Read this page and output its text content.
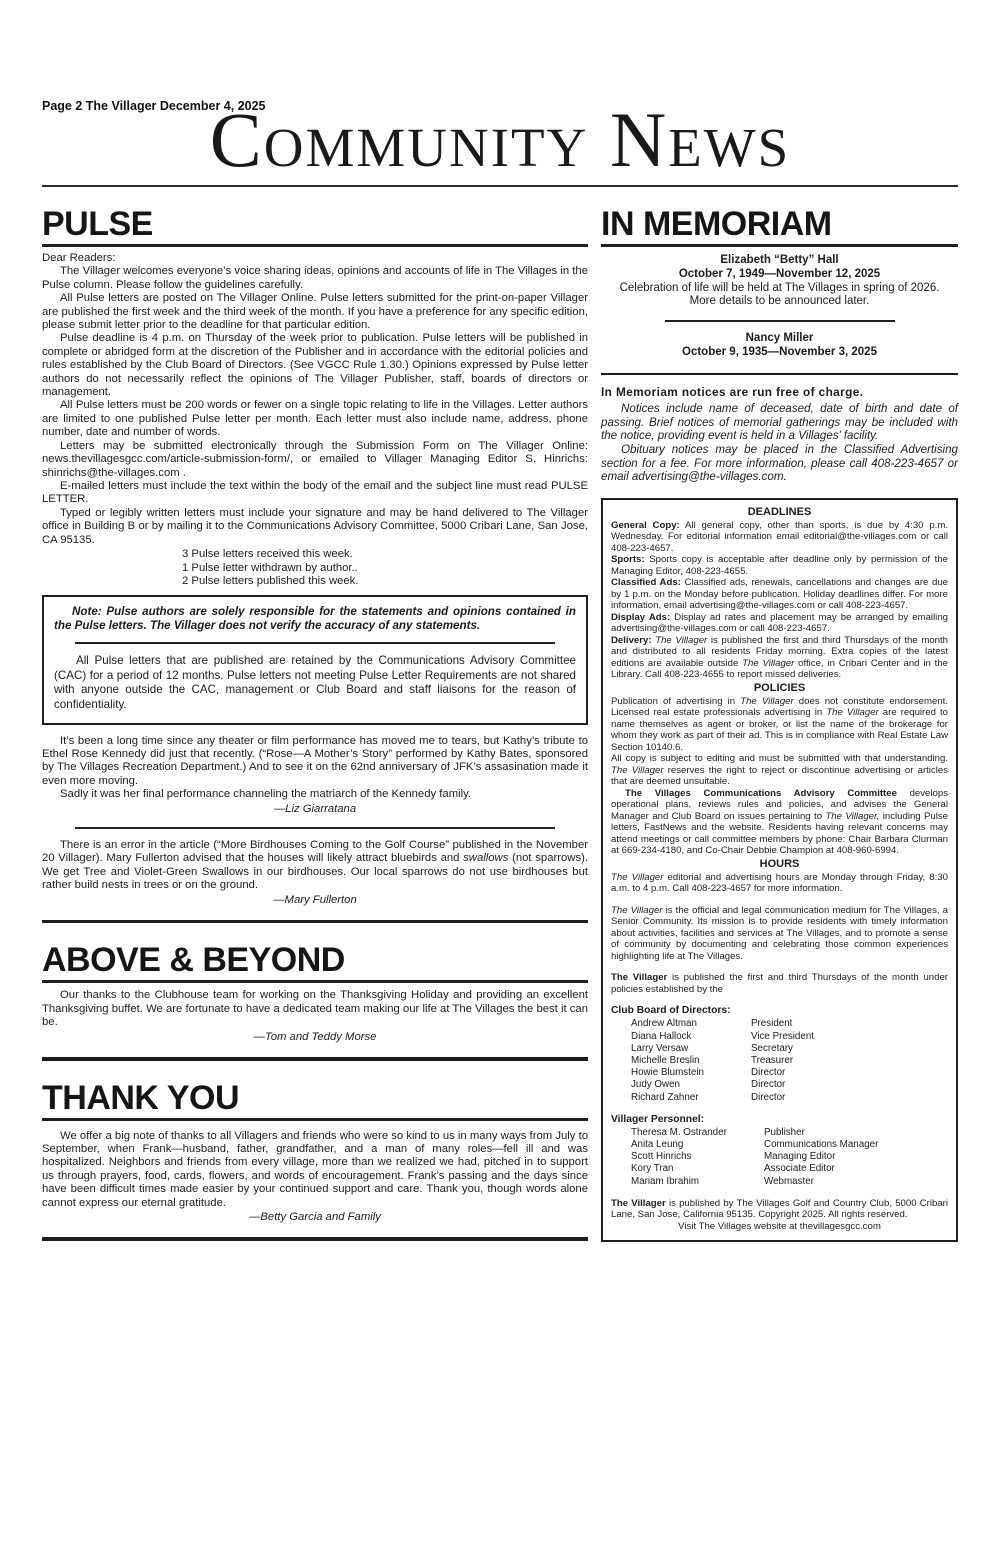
Page 2 The Villager December 4, 2025
Community News
PULSE

Dear Readers:

The Villager welcomes everyone’s voice sharing ideas, opinions and accounts of life in The Villages in the Pulse column. Please follow the guidelines carefully.

All Pulse letters are posted on The Villager Online. Pulse letters submitted for the print-on-paper Villager are published the first week and the third week of the month. If you have a preference for any specific edition, please submit letter prior to the deadline for that particular edition.

Pulse deadline is 4 p.m. on Thursday of the week prior to publication. Pulse letters will be published in complete or abridged form at the discretion of the Publisher and in accordance with the editorial policies and rules established by the Club Board of Directors. (See VGCC Rule 1.30.) Opinions expressed by Pulse letter authors do not necessarily reflect the opinions of The Villager Publisher, staff, boards of directors or management.

All Pulse letters must be 200 words or fewer on a single topic relating to life in the Villages. Letter authors are limited to one published Pulse letter per month. Each letter must also include name, address, phone number, date and number of words.

Letters may be submitted electronically through the Submission Form on The Villager Online: news.thevillagesgcc.com/article-submission-form/, or emailed to Villager Managing Editor S. Hinrichs: shinrichs@the-villages.com .

E-mailed letters must include the text within the body of the email and the subject line must read PULSE LETTER.

Typed or legibly written letters must include your signature and may be hand delivered to The Villager office in Building B or by mailing it to the Communications Advisory Committee, 5000 Cribari Lane, San Jose, CA 95135.

3 Pulse letters received this week.
1 Pulse letter withdrawn by author..
2 Pulse letters published this week.

Note: Pulse authors are solely responsible for the statements and opinions contained in the Pulse letters. The Villager does not verify the accuracy of any statements.

All Pulse letters that are published are retained by the Communications Advisory Committee (CAC) for a period of 12 months. Pulse letters not meeting Pulse Letter Requirements are not shared with anyone outside the CAC, management or Club Board and staff liaisons for the reason of confidentiality.

It’s been a long time since any theater or film performance has moved me to tears, but Kathy’s tribute to Ethel Rose Kennedy did just that recently. (“Rose—A Mother’s Story” performed by Kathy Bates, sponsored by The Villages Recreation Department.) And to see it on the 62nd anniversary of JFK’s assasination made it even more moving.

Sadly it was her final performance channeling the matriarch of the Kennedy family.

—Liz Giarratana

There is an error in the article (“More Birdhouses Coming to the Golf Course” published in the November 20 Villager). Mary Fullerton advised that the houses will likely attract bluebirds and swallows (not sparrows). We get Tree and Violet-Green Swallows in our birdhouses. Our local sparrows do not use birdhouses but rather build nests in trees or on the ground.

—Mary Fullerton

ABOVE & BEYOND

Our thanks to the Clubhouse team for working on the Thanksgiving Holiday and providing an excellent Thanksgiving buffet. We are fortunate to have a dedicated team making our life at The Villages the best it can be.

—Tom and Teddy Morse

THANK YOU

We offer a big note of thanks to all Villagers and friends who were so kind to us in many ways from July to September, when Frank—husband, father, grandfather, and a man of many roles—fell ill and was hospitalized. Neighbors and friends from every village, more than we realized we had, pitched in to support us through prayers, food, cards, flowers, and words of encouragement. Frank’s passing and the days since have been difficult times made easier by your continued support and care. Thank you, though words alone cannot express our eternal gratitude.

—Betty Garcia and Family

IN MEMORIAM

Elizabeth “Betty” Hall

October 7, 1949—November 12, 2025

Celebration of life will be held at The Villages in spring of 2026.

More details to be announced later.

Nancy Miller

October 9, 1935—November 3, 2025

In Memoriam notices are run free of charge.

Notices include name of deceased, date of birth and date of passing. Brief notices of memorial gatherings may be included with the notice, providing event is held in a Villages’ facility.

Obituary notices may be placed in the Classified Advertising section for a fee. For more information, please call 408-223-4657 or email advertising@the-villages.com.

DEADLINES

General Copy: All general copy, other than sports, is due by 4:30 p.m. Wednesday. For editorial information email editorial@the-villages.com or call 408-223-4657.

Sports: Sports copy is acceptable after deadline only by permission of the Managing Editor, 408-223-4655.

Classified Ads: Classified ads, renewals, cancellations and changes are due by 1 p.m. on the Monday before publication. Holiday deadlines differ. For more information, email advertising@the-villages.com or call 408-223-4657.

Display Ads: Display ad rates and placement may be arranged by emailing advertising@the-villages.com or call 408-223-4657.

Delivery: The Villager is published the first and third Thursdays of the month and distributed to all residents Friday morning. Extra copies of the latest editions are available outside The Villager office, in Cribari Center and in the Library. Call 408-223-4655 to report missed deliveries.

POLICIES

Publication of advertising in The Villager does not constitute endorsement. Licensed real estate professionals advertising in The Villager are required to name themselves as agent or broker, or list the name of the brokerage for whom they work as part of their ad. This is in compliance with Real Estate Law Section 10140.6.

All copy is subject to editing and must be submitted with that understanding. The Villager reserves the right to reject or discontinue advertising or articles that are deemed unsuitable.

The Villages Communications Advisory Committee develops operational plans, reviews rules and policies, and advises the General Manager and Club Board on issues pertaining to The Villager, including Pulse letters, FastNews and the website. Residents having relevant concerns may attend meetings or call committee members by phone: Chair Barbara Clurman at 669-234-4180, and Co-Chair Debbie Champion at 408-960-6994.

HOURS

The Villager editorial and advertising hours are Monday through Friday, 8:30 a.m. to 4 p.m. Call 408-223-4657 for more information.

The Villager is the official and legal communication medium for The Villages, a Senior Community. Its mission is to provide residents with timely information about activities, facilities and services at The Villages, and to promote a sense of community by documenting and celebrating those common experiences highlighting life at The Villages.

The Villager is published the first and third Thursdays of the month under policies established by the

Club Board of Directors:

Andrew Altman	President
Diana Hallock	Vice President
Larry Versaw	Secretary
Michelle Breslin	Treasurer
Howie Blumstein	Director
Judy Owen	Director
Richard Zahner	Director

Villager Personnel:

Theresa M. Ostrander	Publisher
Anita Leung	Communications Manager
Scott Hinrichs	Managing Editor
Kory Tran	Associate Editor
Mariam Ibrahim	Webmaster

The Villager is published by The Villages Golf and Country Club, 5000 Cribari Lane, San Jose, California 95135. Copyright 2025. All rights reserved.

Visit The Villages website at thevillagesgcc.com
